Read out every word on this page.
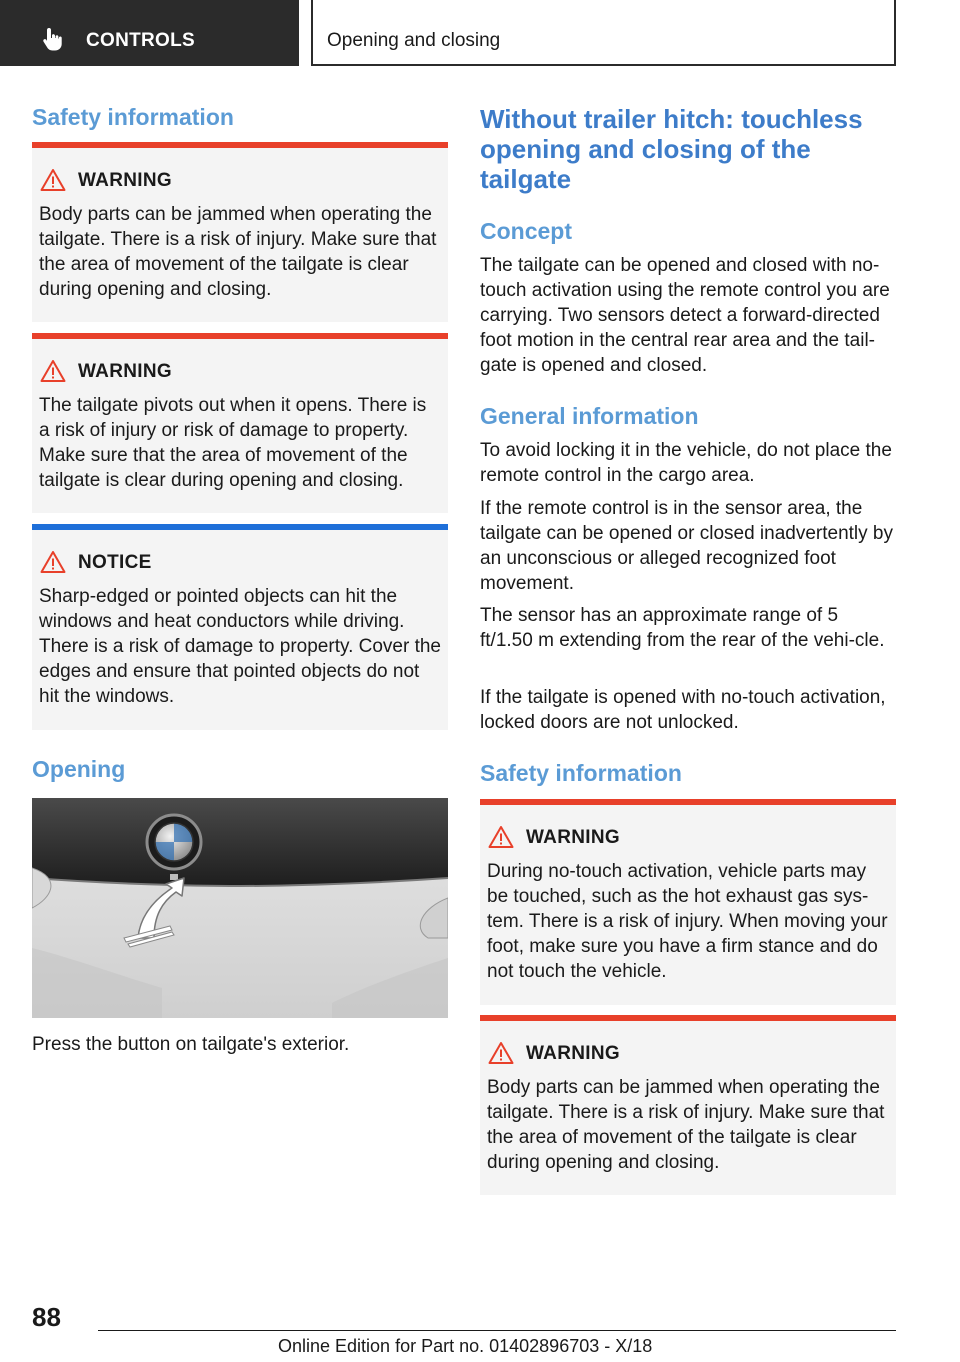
CONTROLS	Opening and closing
Safety information
WARNING
Body parts can be jammed when operating the tailgate. There is a risk of injury. Make sure that the area of movement of the tailgate is clear during opening and closing.
WARNING
The tailgate pivots out when it opens. There is a risk of injury or risk of damage to property. Make sure that the area of movement of the tailgate is clear during opening and closing.
NOTICE
Sharp-edged or pointed objects can hit the windows and heat conductors while driving. There is a risk of damage to property. Cover the edges and ensure that pointed objects do not hit the windows.
Opening
Press the button on tailgate's exterior.
Without trailer hitch: touchless opening and closing of the tailgate
Concept
The tailgate can be opened and closed with no-touch activation using the remote control you are carrying. Two sensors detect a forward-directed foot motion in the central rear area and the tail-gate is opened and closed.
General information
To avoid locking it in the vehicle, do not place the remote control in the cargo area.
If the remote control is in the sensor area, the tailgate can be opened or closed inadvertently by an unconscious or alleged recognized foot movement.
The sensor has an approximate range of 5 ft/1.50 m extending from the rear of the vehi-cle.
If the tailgate is opened with no-touch activation, locked doors are not unlocked.
Safety information
WARNING
During no-touch activation, vehicle parts may be touched, such as the hot exhaust gas sys-tem. There is a risk of injury. When moving your foot, make sure you have a firm stance and do not touch the vehicle.
WARNING
Body parts can be jammed when operating the tailgate. There is a risk of injury. Make sure that the area of movement of the tailgate is clear during opening and closing.
88
Online Edition for Part no. 01402896703 - X/18
